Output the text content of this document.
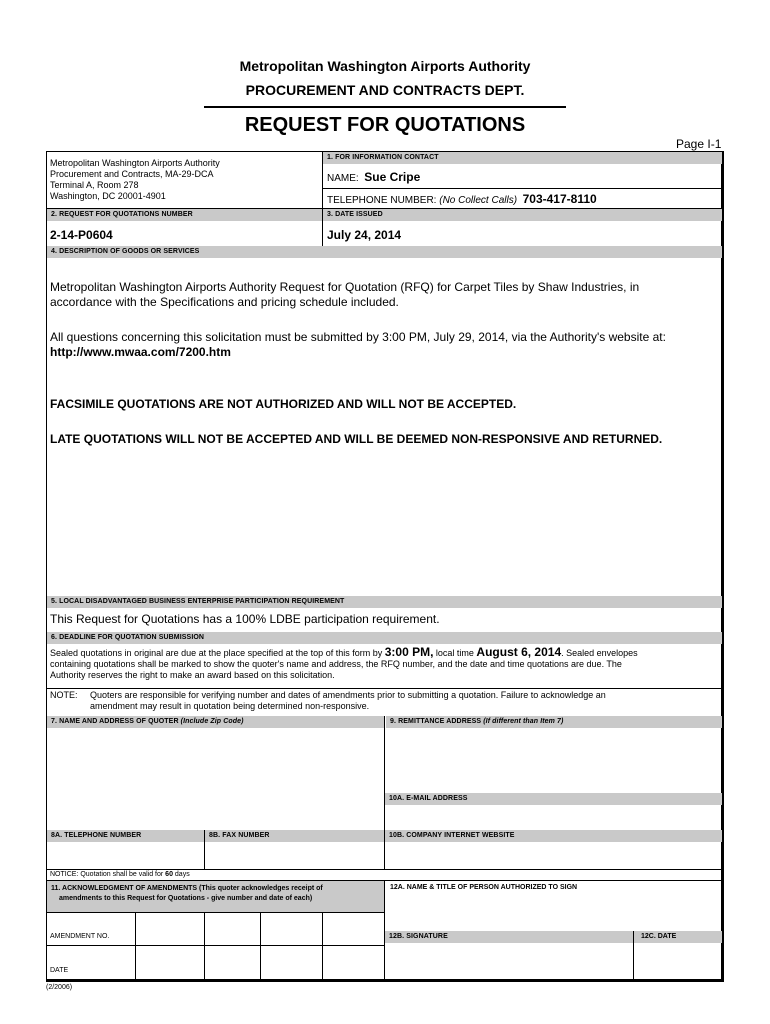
Metropolitan Washington Airports Authority
PROCUREMENT AND CONTRACTS DEPT.
REQUEST FOR QUOTATIONS
Page I-1
Metropolitan Washington Airports Authority
Procurement and Contracts, MA-29-DCA
Terminal A, Room 278
Washington, DC 20001-4901
1. FOR INFORMATION CONTACT
NAME: Sue Cripe
TELEPHONE NUMBER: (No Collect Calls) 703-417-8110
2. REQUEST FOR QUOTATIONS NUMBER	3. DATE ISSUED
2-14-P0604	July 24, 2014
4. DESCRIPTION OF GOODS OR SERVICES
Metropolitan Washington Airports Authority Request for Quotation (RFQ) for Carpet Tiles by Shaw Industries, in accordance with the Specifications and pricing schedule included.
All questions concerning this solicitation must be submitted by 3:00 PM, July 29, 2014, via the Authority's website at:
http://www.mwaa.com/7200.htm
FACSIMILE QUOTATIONS ARE NOT AUTHORIZED AND WILL NOT BE ACCEPTED.
LATE QUOTATIONS WILL NOT BE ACCEPTED AND WILL BE DEEMED NON-RESPONSIVE AND RETURNED.
5. LOCAL DISADVANTAGED BUSINESS ENTERPRISE PARTICIPATION REQUIREMENT
This Request for Quotations has a 100% LDBE participation requirement.
6. DEADLINE FOR QUOTATION SUBMISSION
Sealed quotations in original are due at the place specified at the top of this form by 3:00 PM, local time August 6, 2014. Sealed envelopes
containing quotations shall be marked to show the quoter's name and address, the RFQ number, and the date and time quotations are due. The
Authority reserves the right to make an award based on this solicitation.
NOTE: Quoters are responsible for verifying number and dates of amendments prior to submitting a quotation. Failure to acknowledge an
amendment may result in quotation being determined non-responsive.
7. NAME AND ADDRESS OF QUOTER (Include Zip Code)	9. REMITTANCE ADDRESS (If different than Item 7)
10A. E-MAIL ADDRESS
8A. TELEPHONE NUMBER	8B. FAX NUMBER	10B. COMPANY INTERNET WEBSITE
NOTICE: Quotation shall be valid for 60 days
11. ACKNOWLEDGMENT OF AMENDMENTS (This quoter acknowledges receipt of
amendments to this Request for Quotations - give number and date of each)
12A. NAME & TITLE OF PERSON AUTHORIZED TO SIGN
AMENDMENT NO.
DATE
12B. SIGNATURE	12C. DATE
(2/2006)
